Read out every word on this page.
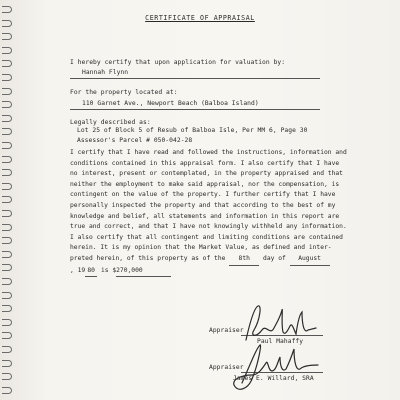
CERTIFICATE OF APPRAISAL
I hereby certify that upon application for valuation by:
Hannah Flynn
For the property located at:
110 Garnet Ave., Newport Beach (Balboa Island)
Legally described as:
Lot 25 of Block 5 of Resub of Balboa Isle, Per MM 6, Page 30
Assessor's Parcel # 050-042-28
I certify that I have read and followed the instructions, information and
conditions contained in this appraisal form. I also certify that I have
no interest, present or contemplated, in the property appraised and that
neither the employment to make said appraisal, nor the compensation, is
contingent on the value of the property. I further certify that I have
personally inspected the property and that according to the best of my
knowledge and belief, all statements and information in this report are
true and correct, and that I have not knowingly withheld any information.
I also certify that all contingent and limiting conditions are contained
herein. It is my opinion that the Market Value, as defined and inter-
preted herein, of this property as of the 8th day of August
, 19 80 is $270,000
Appraiser
Paul Mahaffy
Appraiser
James E. Willard, SRA
